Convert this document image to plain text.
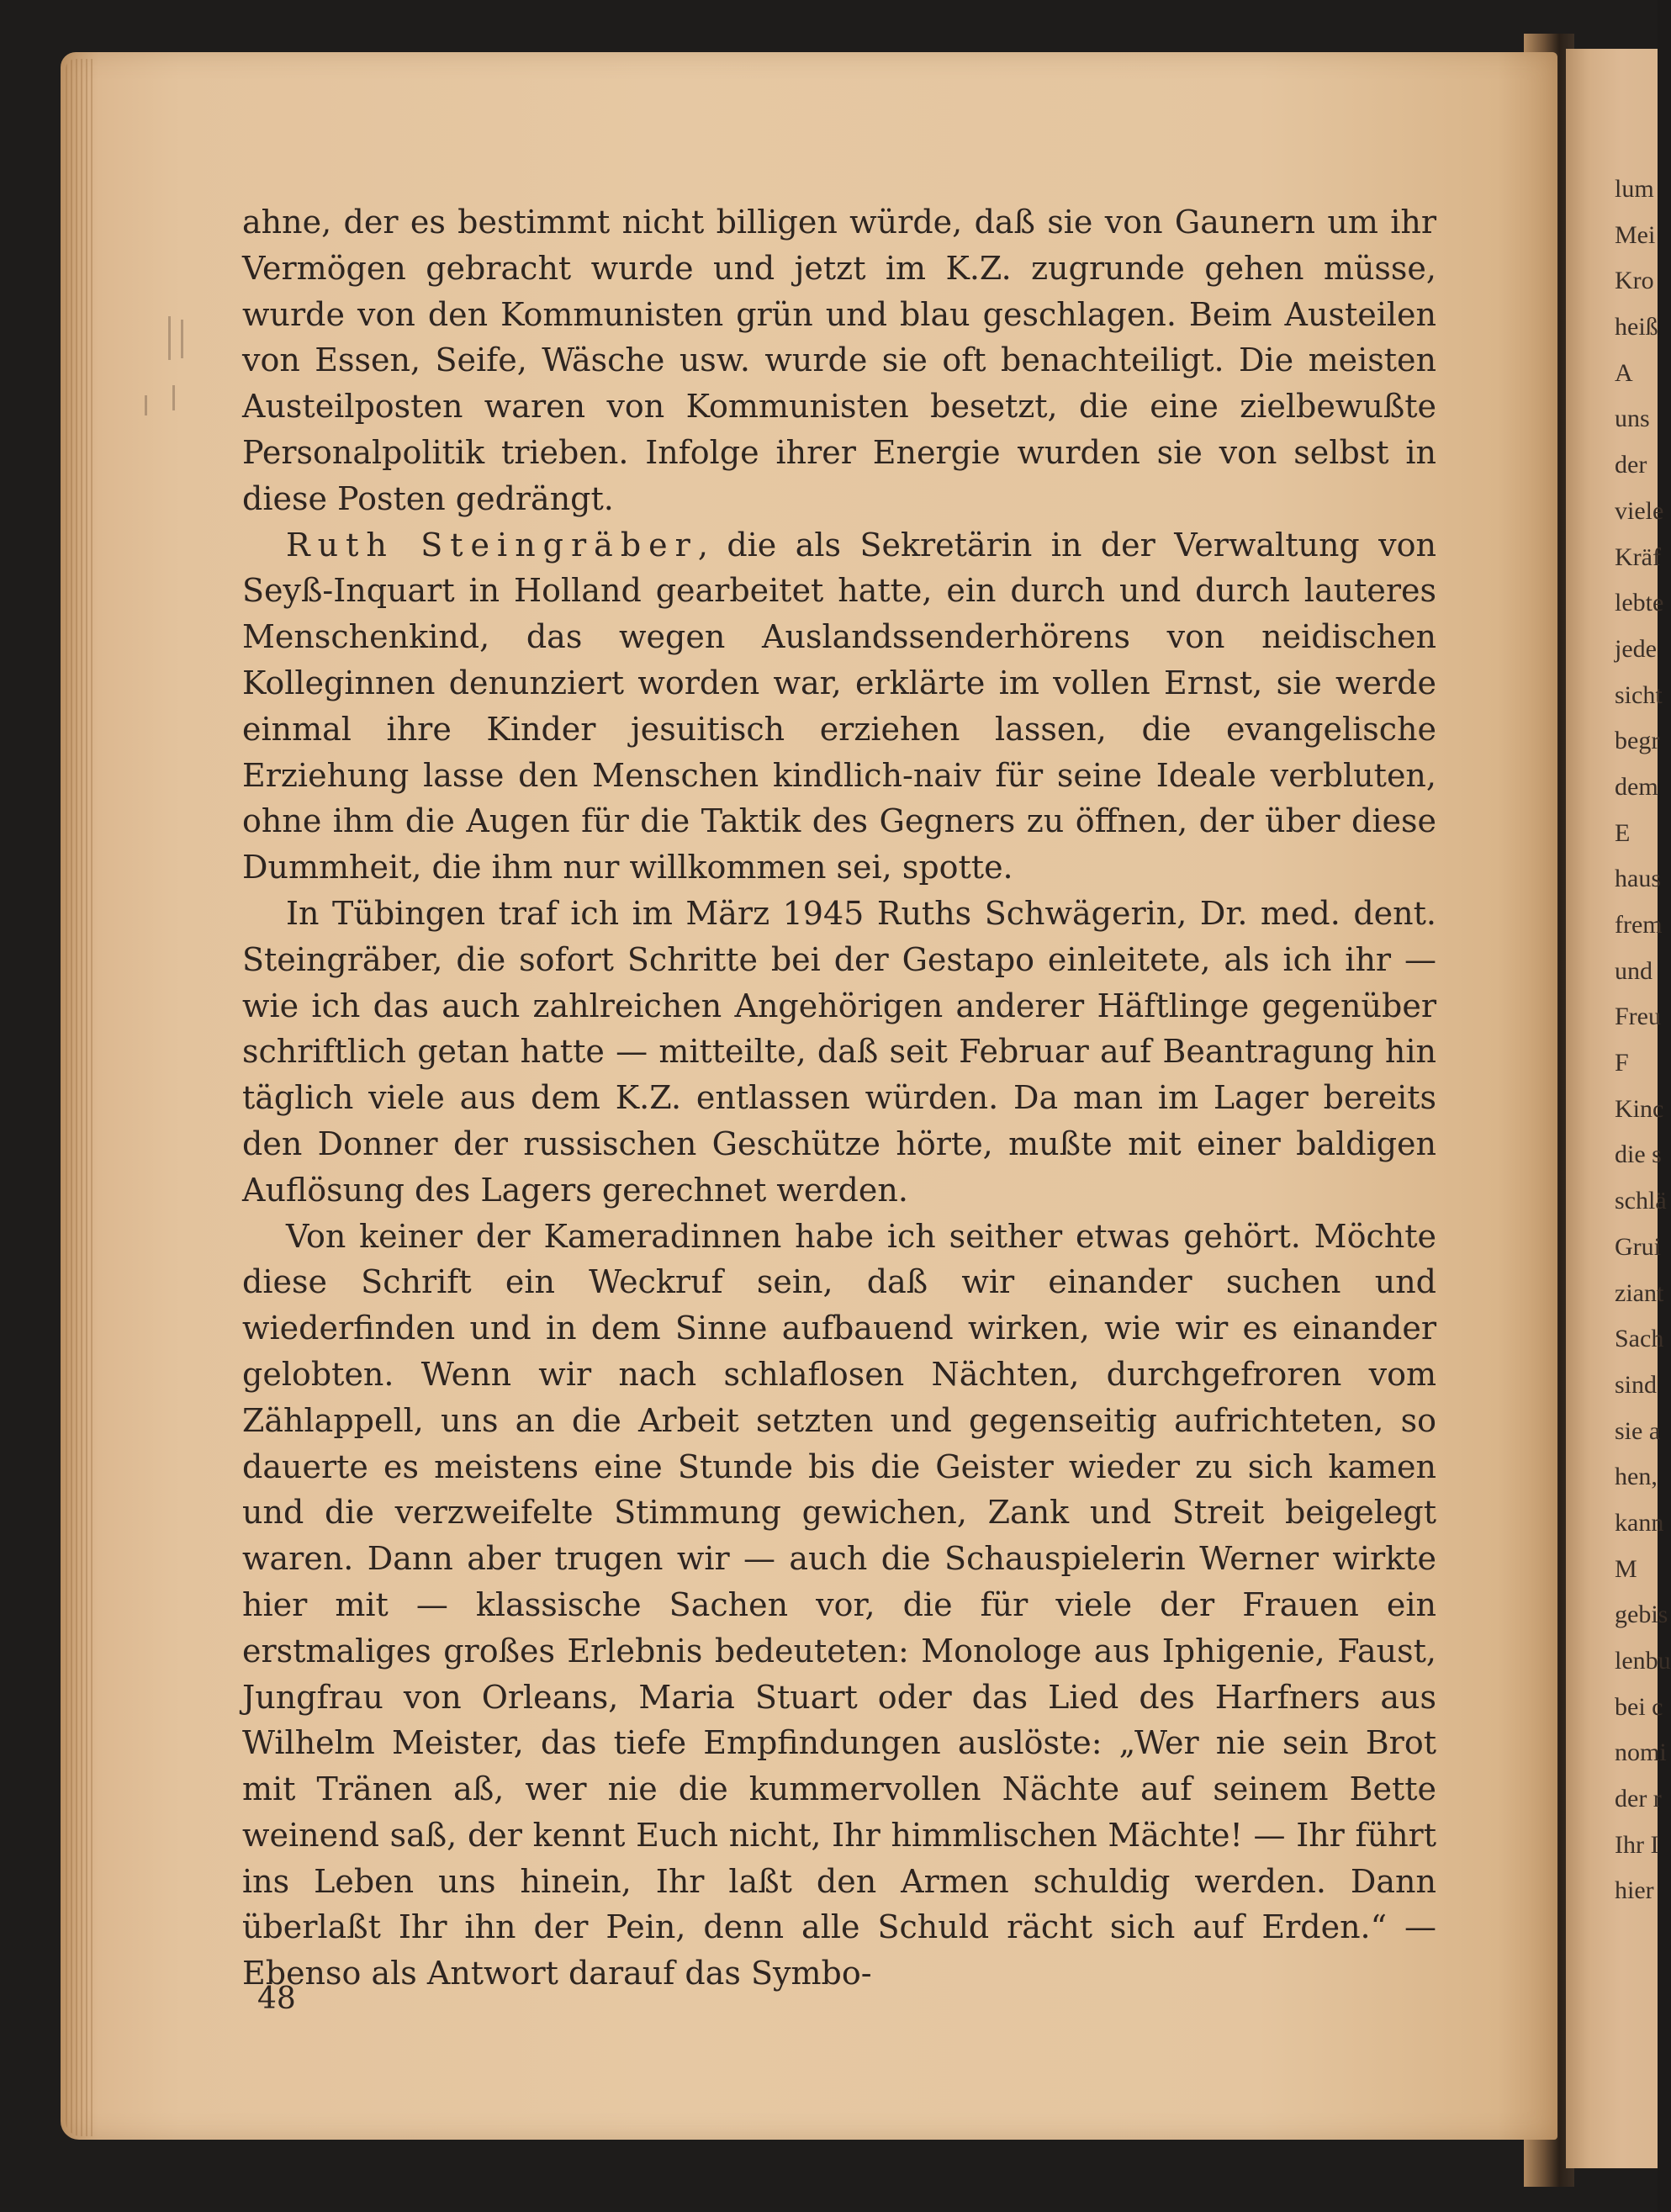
ahne, der es bestimmt nicht billigen würde, daß sie von Gaunern um ihr Vermögen gebracht wurde und jetzt im K.Z. zugrunde gehen müsse, wurde von den Kommunisten grün und blau geschlagen. Beim Austeilen von Essen, Seife, Wäsche usw. wurde sie oft benachteiligt. Die meisten Austeilposten waren von Kommunisten besetzt, die eine zielbewußte Personalpolitik trieben. Infolge ihrer Energie wurden sie von selbst in diese Posten gedrängt.

Ruth Steingräber, die als Sekretärin in der Verwaltung von Seyß-Inquart in Holland gearbeitet hatte, ein durch und durch lauteres Menschenkind, das wegen Auslandssenderhörens von neidischen Kolleginnen denunziert worden war, erklärte im vollen Ernst, sie werde einmal ihre Kinder jesuitisch erziehen lassen, die evangelische Erziehung lasse den Menschen kindlich-naiv für seine Ideale verbluten, ohne ihm die Augen für die Taktik des Gegners zu öffnen, der über diese Dummheit, die ihm nur willkommen sei, spotte.

In Tübingen traf ich im März 1945 Ruths Schwägerin, Dr. med. dent. Steingräber, die sofort Schritte bei der Gestapo einleitete, als ich ihr — wie ich das auch zahlreichen Angehörigen anderer Häftlinge gegenüber schriftlich getan hatte — mitteilte, daß seit Februar auf Beantragung hin täglich viele aus dem K.Z. entlassen würden. Da man im Lager bereits den Donner der russischen Geschütze hörte, mußte mit einer baldigen Auflösung des Lagers gerechnet werden.

Von keiner der Kameradinnen habe ich seither etwas gehört. Möchte diese Schrift ein Weckruf sein, daß wir einander suchen und wiederfinden und in dem Sinne aufbauend wirken, wie wir es einander gelobten. Wenn wir nach schlaflosen Nächten, durchgefroren vom Zählappell, uns an die Arbeit setzten und gegenseitig aufrichteten, so dauerte es meistens eine Stunde bis die Geister wieder zu sich kamen und die verzweifelte Stimmung gewichen, Zank und Streit beigelegt waren. Dann aber trugen wir — auch die Schauspielerin Werner wirkte hier mit — klassische Sachen vor, die für viele der Frauen ein erstmaliges großes Erlebnis bedeuteten: Monologe aus Iphigenie, Faust, Jungfrau von Orleans, Maria Stuart oder das Lied des Harfners aus Wilhelm Meister, das tiefe Empfindungen auslöste: „Wer nie sein Brot mit Tränen aß, wer nie die kummervollen Nächte auf seinem Bette weinend saß, der kennt Euch nicht, Ihr himmlischen Mächte! — Ihr führt ins Leben uns hinein, Ihr laßt den Armen schuldig werden. Dann überlaßt Ihr ihn der Pein, denn alle Schuld rächt sich auf Erden.“ — Ebenso als Antwort darauf das Symbo-

48
lum
Mei
Kro
heiß
A
uns
der
viele
Kräf
lebte
jede
sicht
begr
dem
E
haus
frem
und
Freu
F
Kinc
die s
schlä
Grui
ziant
Sach
sind
sie a
hen,
kann
M
gebis
lenbu
bei c
nomi
der r
Ihr I
hier
